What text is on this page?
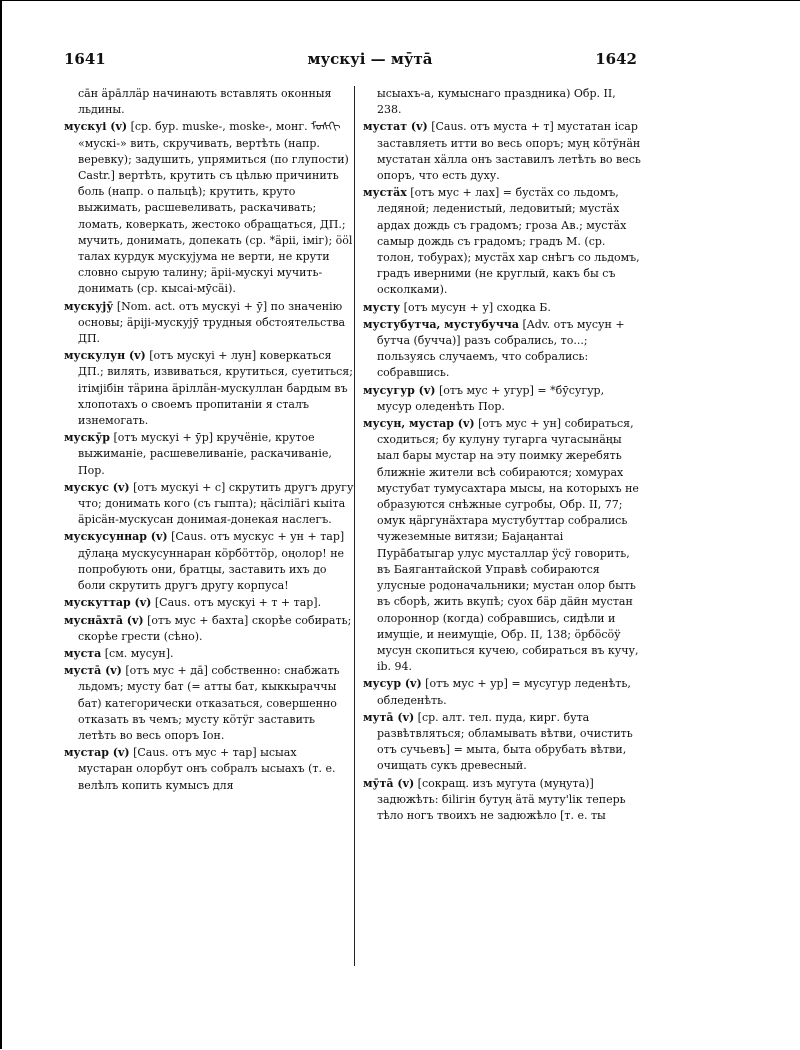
1641	мускуі — мӯта̄	1642
са̄н ӓра̄ллӓр начинають вставлять оконныя льдины.
мускуі (v) [ср. бур. muske-, moske-, монг. ᠮᠤᠰᠬᠢ «мускі-» вить, скручивать, вертѣть (напр. веревку); задушить, упрямиться (по глупости) Castr.] вертѣть, крутить съ цѣлью причинить боль (напр. о пальцѣ); крутить, круто выжимать, расшевеливать, раскачивать; ломать, коверкать, жестоко обращаться, ДП.; мучить, донимать, допекать (ср. *ӓріі, іміг); ӧӧl талах курдук мускуjума не верти, не крути словно сырую талину; ӓріі-мускуі мучить-донимать (ср. кысаі-мӯсӓі).
мускуjӯ [Nom. act. отъ мускуі + ӯ] по значенію основы; ӓріjі-мускуjӯ трудныя обстоятельства ДП.
мускулун (v) [отъ мускуі + лун] коверкаться ДП.; вилять, извиваться, крутиться, суетиться; ітімjiбін тӓрина ӓріллӓн-мускуллан бардым въ хлопотахъ о своемъ пропитаніи я сталъ изнемогать.
мускӯр [отъ мускуі + ӯр] кручёніе, крутое выжиманіе, расшевеливаніе, раскачиваніе, Пор.
мускус (v) [отъ мускуі + с] скрутить другъ другу что; донимать кого (съ гыпта); ңӓсіліӓгі кыiта ӓрісӓн-мускусан донимая-донекая наслегъ.
мускусуннар (v) [Caus. отъ мускус + ун + тар] дӯлаңа мускусуннаран кӧрбӧттӧр, оңолор! не попробують они, братцы, заставить ихъ до боли скрутить другъ другу корпуса!
мускуттар (v) [Caus. отъ мускуі + т + тар].
мусна̄хта̄ (v) [отъ мус + бахта] скорѣе собирать; скорѣе грести (сѣно).
муста [см. мусун].
муста̄ (v) [отъ мус + да̄] собственно: снабжать льдомъ; мусту бат (= атты бат, кыккыраччы бат) категорически отказаться, совершенно отказать въ чемъ; мусту кӧтӱг заставить летѣть во весь опоръ Іон.
мустар (v) [Caus. отъ мус + тар] ысыах мустаран олорбут онъ собралъ ысыахъ (т. е. велѣлъ копить кумысъ для
ысыахъ-а, кумыснаго праздника) Обр. II, 238.
мустат (v) [Caus. отъ муста + т] мустатан ісар заставляеть итти во весь опоръ; муң кӧтӱнӓн мустатан хӓлла онъ заставилъ летѣть во весь опоръ, что есть духу.
мустӓх [отъ мус + лах] = бустӓх со льдомъ, ледяной; леденистый, ледовитый; мустӓх ардах дождь съ градомъ; гроза Ав.; мустӓх самыр дождь съ градомъ; градъ М. (ср. толон, тобурах); мустӓх хар снѣгъ со льдомъ, градъ иверними (не круглый, какъ бы съ осколками).
мусту [отъ мусун + у] сходка Б.
мустубутча, мустубучча [Adv. отъ мусун + бутча (буччa)] разъ собрались, то...; пользуясь случаемъ, что собрались: собравшись.
мусугур (v) [отъ мус + угур] = *бӯсугур, мусур оледенѣть Пор.
мусун, мустар (v) [отъ мус + ун] собираться, сходиться; бу кулуну тугарга чугасынӓңы ыал бары мустар на эту поимку жеребять ближніе жители всѣ собираются; хомурах мустубат тумусахтара мысы, на которыхъ не образуются снѣжные сугробы, Обр. II, 77; омук ңӓргунӓхтара мустубуттар собрались чужеземные витязи; Баjаңантаі Пура̄батыгар улус мусталлар ӱсӱ говорить, въ Баягантайской Управѣ собираются улусные родоначальники; мустан олор быть въ сборѣ, жить вкупѣ; суох бӓр дӓйн мустан олороннор (когда) собравшись, сидѣли и имущіе, и неимущіе, Обр. II, 138; ӧрбӧсӧӱ мусун скопиться кучею, собираться въ кучу, ib. 94.
мусур (v) [отъ мус + ур] = мусугур леденѣть, обледенѣть.
мута̄ (v) [ср. алт. тел. пуда, кирг. бута развѣтвляться; обламывать вѣтви, очистить отъ сучьевъ] = мыта, быта обрубать вѣтви, очищать сукъ древесный.
мӯта̄ (v) [сокращ. изъ мугута (муңута)] задюжѣть: біlігін бутуң ӓтӓ муту'lік теперь тѣло ногъ твоихъ не задюжѣло [т. е. ты
